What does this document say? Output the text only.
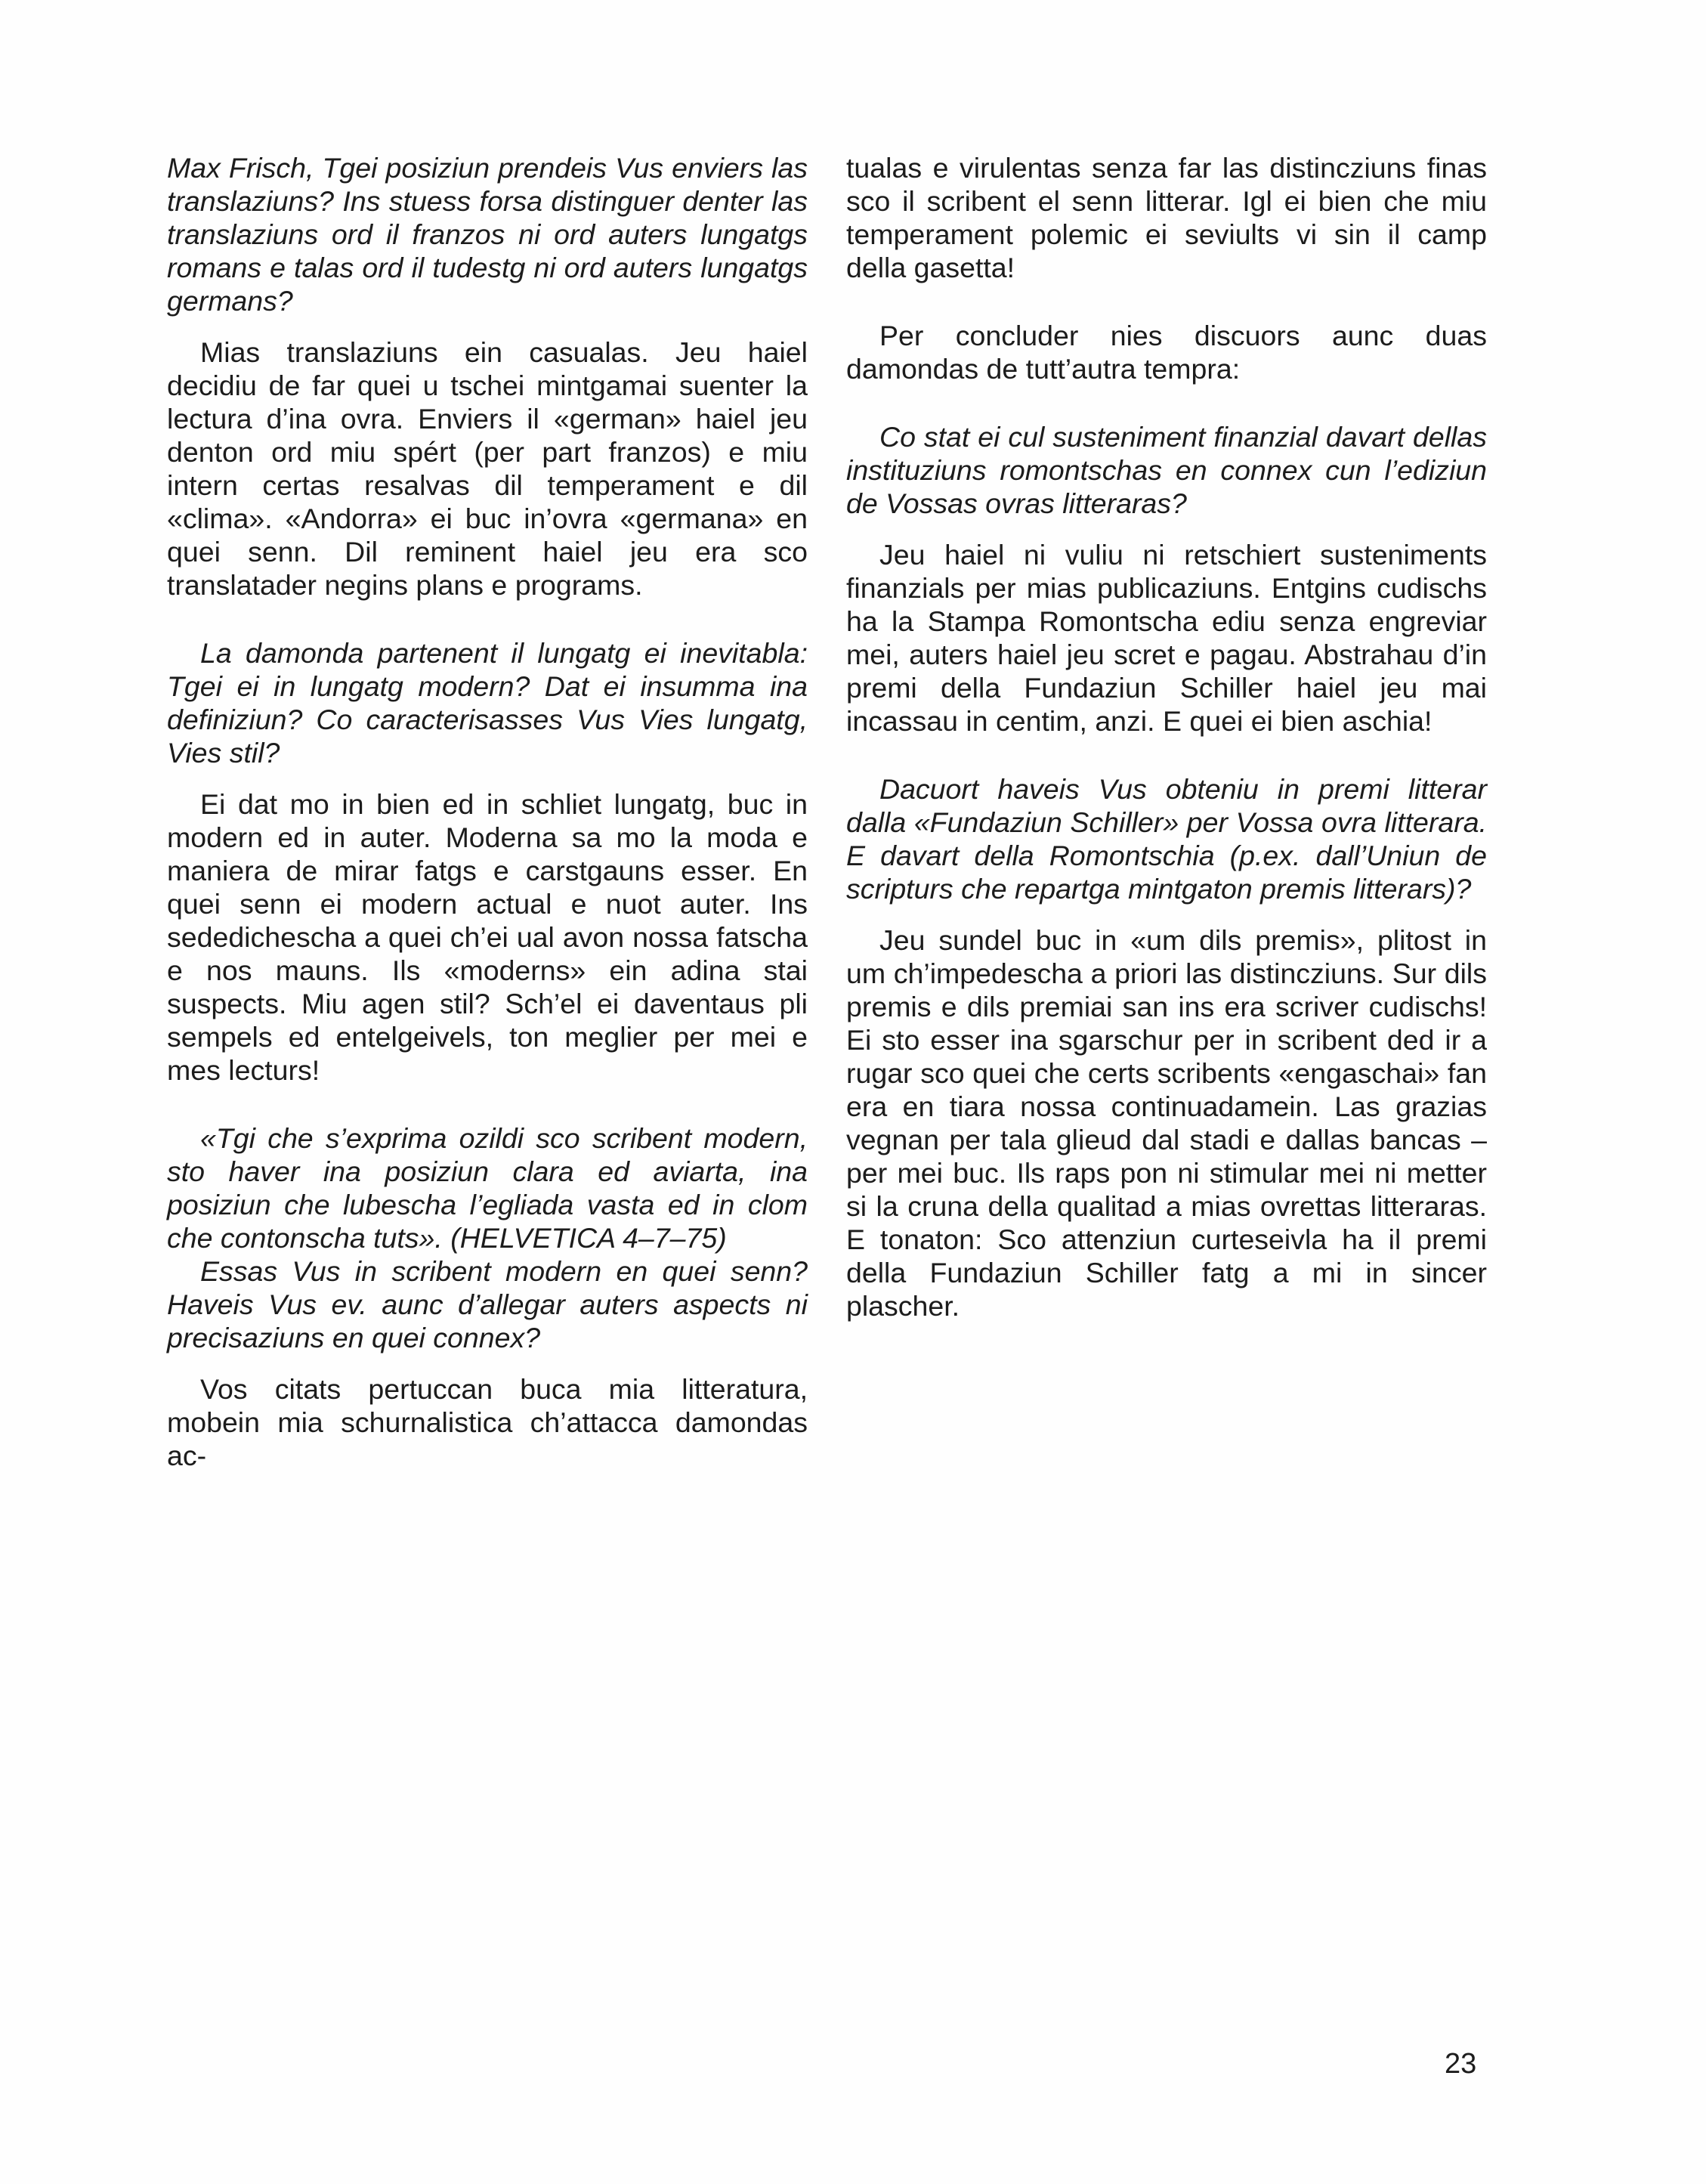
Max Frisch, Tgei posiziun prendeis Vus enviers las translaziuns? Ins stuess forsa distinguer denter las translaziuns ord il franzos ni ord auters lungatgs romans e talas ord il tudestg ni ord auters lungatgs germans?

Mias translaziuns ein casualas. Jeu haiel decidiu de far quei u tschei mintgamai suenter la lectura d’ina ovra. Enviers il «german» haiel jeu denton ord miu spért (per part franzos) e miu intern certas resalvas dil temperament e dil «clima». «Andorra» ei buc in’ovra «germana» en quei senn. Dil reminent haiel jeu era sco translatader negins plans e programs.

La damonda partenent il lungatg ei inevitabla: Tgei ei in lungatg modern? Dat ei insumma ina definiziun? Co caracterisasses Vus Vies lungatg, Vies stil?

Ei dat mo in bien ed in schliet lungatg, buc in modern ed in auter. Moderna sa mo la moda e maniera de mirar fatgs e carstgauns esser. En quei senn ei modern actual e nuot auter. Ins sededichescha a quei ch’ei ual avon nossa fatscha e nos mauns. Ils «moderns» ein adina stai suspects. Miu agen stil? Sch’el ei daventaus pli sempels ed entelgeivels, ton meglier per mei e mes lecturs!

«Tgi che s’exprima ozildi sco scribent modern, sto haver ina posiziun clara ed aviarta, ina posiziun che lubescha l’egliada vasta ed in clom che contonscha tuts». (HELVETICA 4–7–75)

Essas Vus in scribent modern en quei senn? Haveis Vus ev. aunc d’allegar auters aspects ni precisaziuns en quei connex?

Vos citats pertuccan buca mia litteratura, mobein mia schurnalistica ch’attacca damondas ac-

tualas e virulentas senza far las distincziuns finas sco il scribent el senn litterar. Igl ei bien che miu temperament polemic ei seviults vi sin il camp della gasetta!

Per concluder nies discuors aunc duas damondas de tutt’autra tempra:

Co stat ei cul susteniment finanzial davart dellas instituziuns romontschas en connex cun l’ediziun de Vossas ovras litteraras?

Jeu haiel ni vuliu ni retschiert susteniments finanzials per mias publicaziuns. Entgins cudischs ha la Stampa Romontscha ediu senza engreviar mei, auters haiel jeu scret e pagau. Abstrahau d’in premi della Fundaziun Schiller haiel jeu mai incassau in centim, anzi. E quei ei bien aschia!

Dacuort haveis Vus obteniu in premi litterar dalla «Fundaziun Schiller» per Vossa ovra litterara. E davart della Romontschia (p.ex. dall’Uniun de scripturs che repartga mintgaton premis litterars)?

Jeu sundel buc in «um dils premis», plitost in um ch’impedescha a priori las distincziuns. Sur dils premis e dils premiai san ins era scriver cudischs! Ei sto esser ina sgarschur per in scribent ded ir a rugar sco quei che certs scribents «engaschai» fan era en tiara nossa continuadamein. Las grazias vegnan per tala glieud dal stadi e dallas bancas – per mei buc. Ils raps pon ni stimular mei ni metter si la cruna della qualitad a mias ovrettas litteraras. E tonaton: Sco attenziun curteseivla ha il premi della Fundaziun Schiller fatg a mi in sincer plascher.

23
